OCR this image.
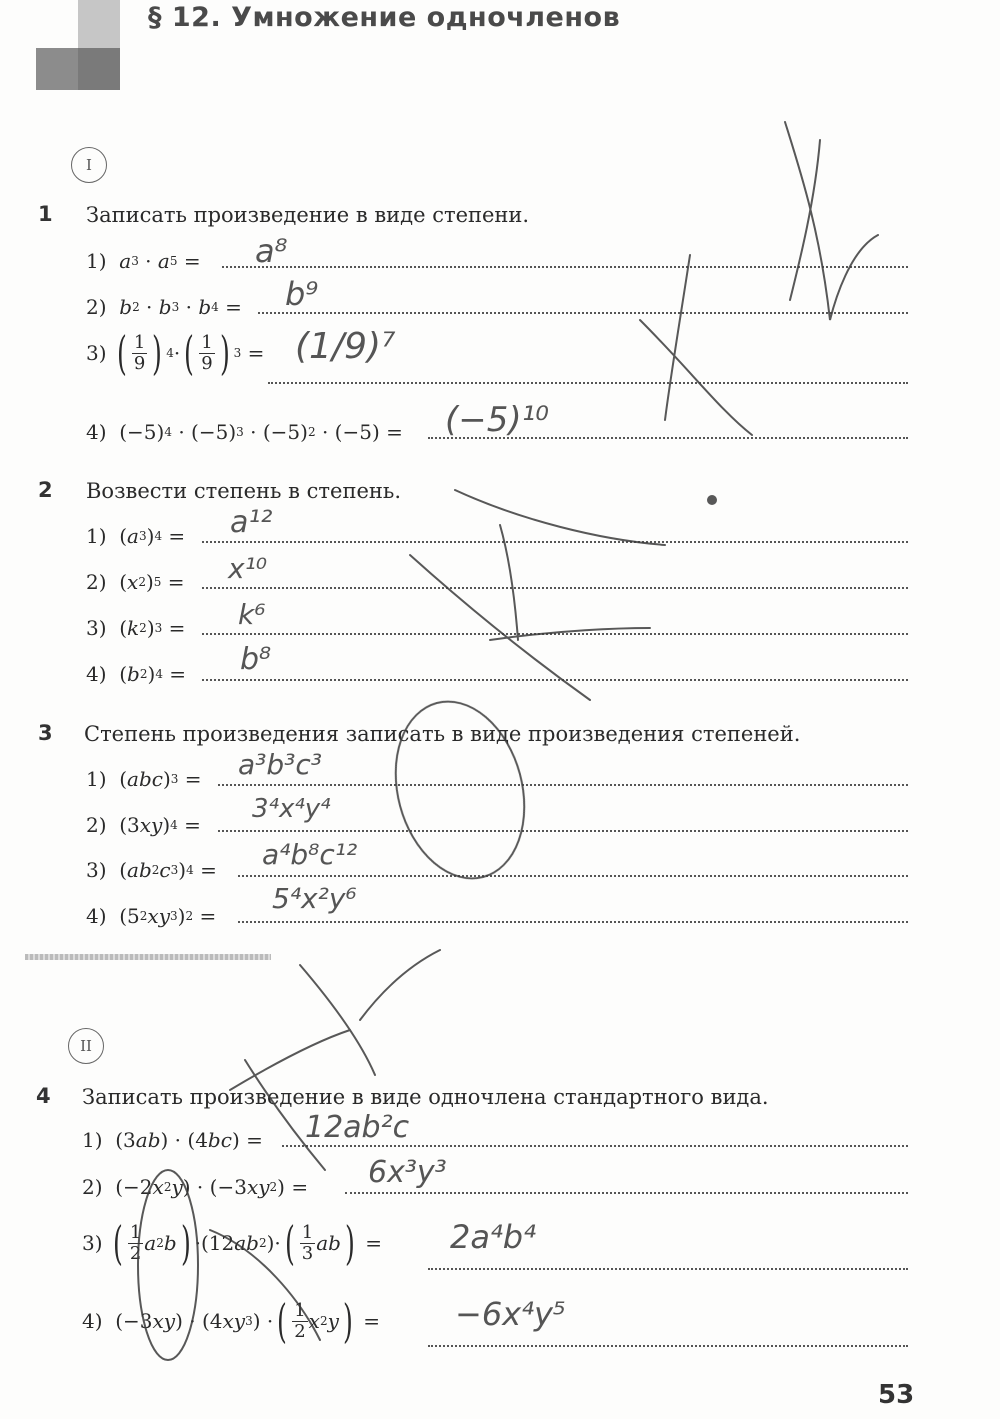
§ 12. Умножение одночленов
I
1 Записать произведение в виде степени.
1) a 3 · a 5 = a⁸
2) b 2 · b 3 · b 4 = b⁹
3) ( $\frac{1}{9}$ ) 4 · ( $\frac{1}{9}$ ) 3 = (1/9)⁷
4)  (−5) 4 · (−5) 3 · (−5) 2 · (−5) = (−5)¹⁰
2 Возвести степень в степень.
1)  ( a 3 ) 4 = a¹²
2)  ( x 2 ) 5 = x¹⁰
3)  ( k 2 ) 3 = k⁶
4)  ( b 2 ) 4 = b⁸
3 Степень произведения записать в виде произведения степеней.
1)  ( abc ) 3 = a³b³c³
2)  (3 xy ) 4 =
3⁴x⁴y⁴
3)  ( ab 2 c 3 ) 4 = a⁴b⁸c¹²
4)  (5 2 xy 3 ) 2 =
5⁴x²y⁶
II
4 Записать произведение в виде одночлена стандартного вида.
1)  (3 ab ) · (4 bc ) = 12ab²c
2)  (−2 x 2 y ) · (−3 xy 2 ) = 6x³y³
3) ( $\frac{1}{2}$ a 2 b ) ·(12 ab 2 )· ( $\frac{1}{3}$ ab ) = 2a⁴b⁴
4)  (−3 xy ) · (4 xy 3 ) · ( $\frac{1}{2}$ x 2 y ) = −6x⁴y⁵
53
